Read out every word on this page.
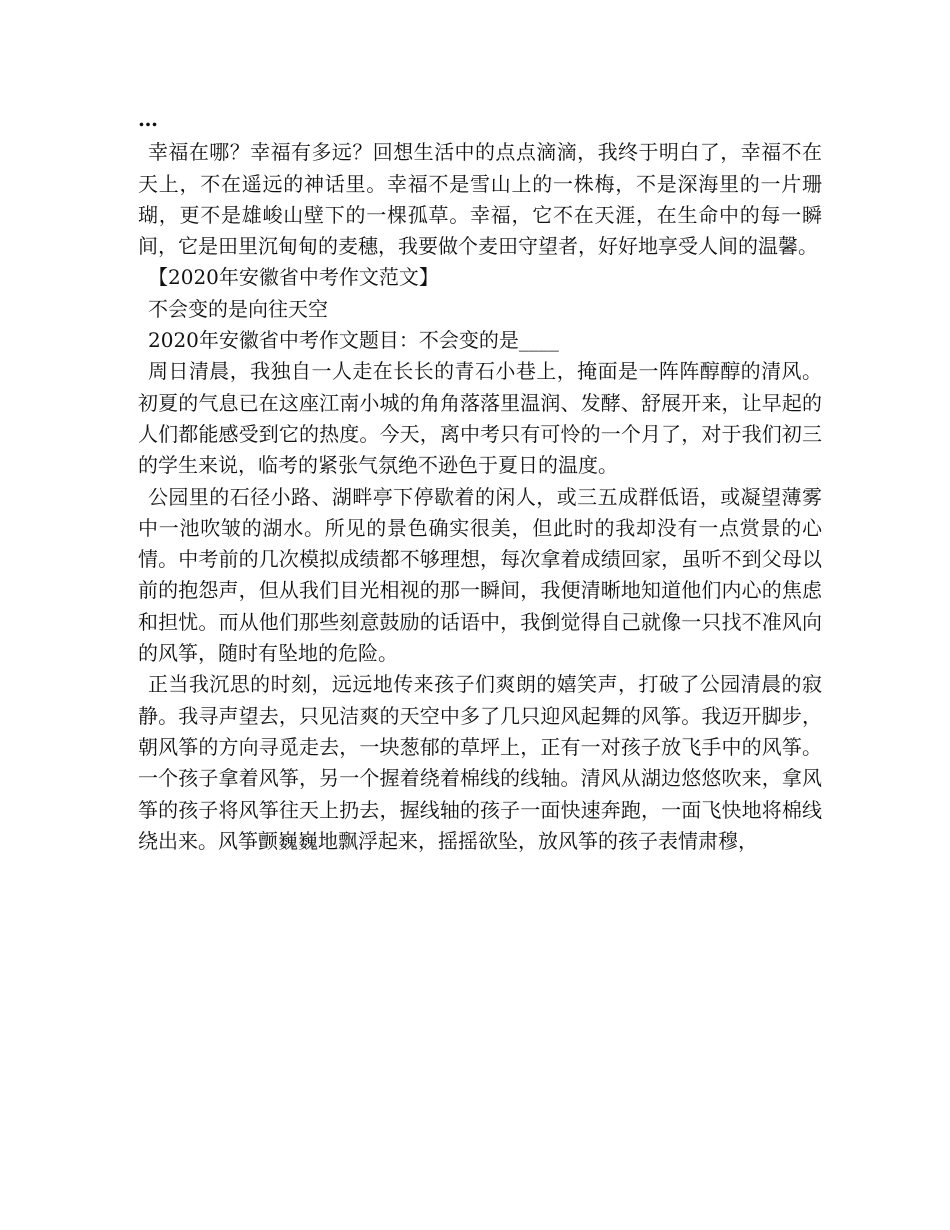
…

幸福在哪？幸福有多远？回想生活中的点点滴滴，我终于明白了，幸福不在天上，不在遥远的神话里。幸福不是雪山上的一株梅，不是深海里的一片珊瑚，更不是雄峻山壁下的一棵孤草。幸福，它不在天涯，在生命中的每一瞬间，它是田里沉甸甸的麦穗，我要做个麦田守望者，好好地享受人间的温馨。

【2020年安徽省中考作文范文】

不会变的是向往天空

2020年安徽省中考作文题目：不会变的是____

周日清晨，我独自一人走在长长的青石小巷上，掩面是一阵阵醇醇的清风。初夏的气息已在这座江南小城的角角落落里温润、发酵、舒展开来，让早起的人们都能感受到它的热度。今天，离中考只有可怜的一个月了，对于我们初三的学生来说，临考的紧张气氛绝不逊色于夏日的温度。

公园里的石径小路、湖畔亭下停歇着的闲人，或三五成群低语，或凝望薄雾中一池吹皱的湖水。所见的景色确实很美，但此时的我却没有一点赏景的心情。中考前的几次模拟成绩都不够理想，每次拿着成绩回家，虽听不到父母以前的抱怨声，但从我们目光相视的那一瞬间，我便清晰地知道他们内心的焦虑和担忧。而从他们那些刻意鼓励的话语中，我倒觉得自己就像一只找不准风向的风筝，随时有坠地的危险。

正当我沉思的时刻，远远地传来孩子们爽朗的嬉笑声，打破了公园清晨的寂静。我寻声望去，只见洁爽的天空中多了几只迎风起舞的风筝。我迈开脚步，朝风筝的方向寻觅走去，一块葱郁的草坪上，正有一对孩子放飞手中的风筝。一个孩子拿着风筝，另一个握着绕着棉线的线轴。清风从湖边悠悠吹来，拿风筝的孩子将风筝往天上扔去，握线轴的孩子一面快速奔跑，一面飞快地将棉线绕出来。风筝颤巍巍地飘浮起来，摇摇欲坠，放风筝的孩子表情肃穆，
